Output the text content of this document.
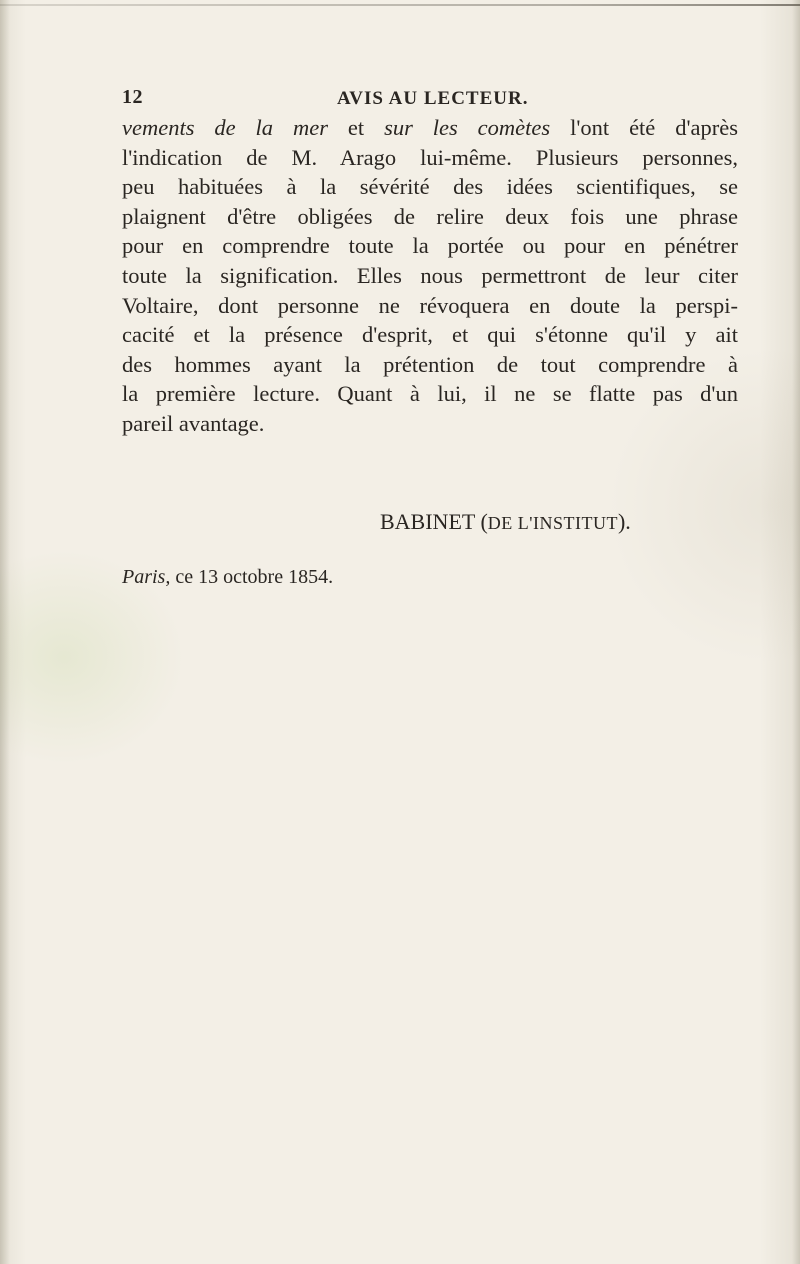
12	AVIS AU LECTEUR.
vements de la mer et sur les comètes l'ont été d'après
l'indication de M. Arago lui-même. Plusieurs personnes,
peu habituées à la sévérité des idées scientifiques, se
plaignent d'être obligées de relire deux fois une phrase
pour en comprendre toute la portée ou pour en pénétrer
toute la signification. Elles nous permettront de leur citer
Voltaire, dont personne ne révoquera en doute la perspi-
cacité et la présence d'esprit, et qui s'étonne qu'il y ait
des hommes ayant la prétention de tout comprendre à
la première lecture. Quant à lui, il ne se flatte pas d'un
pareil avantage.
BABINET (DE L'INSTITUT).
Paris, ce 13 octobre 1854.
